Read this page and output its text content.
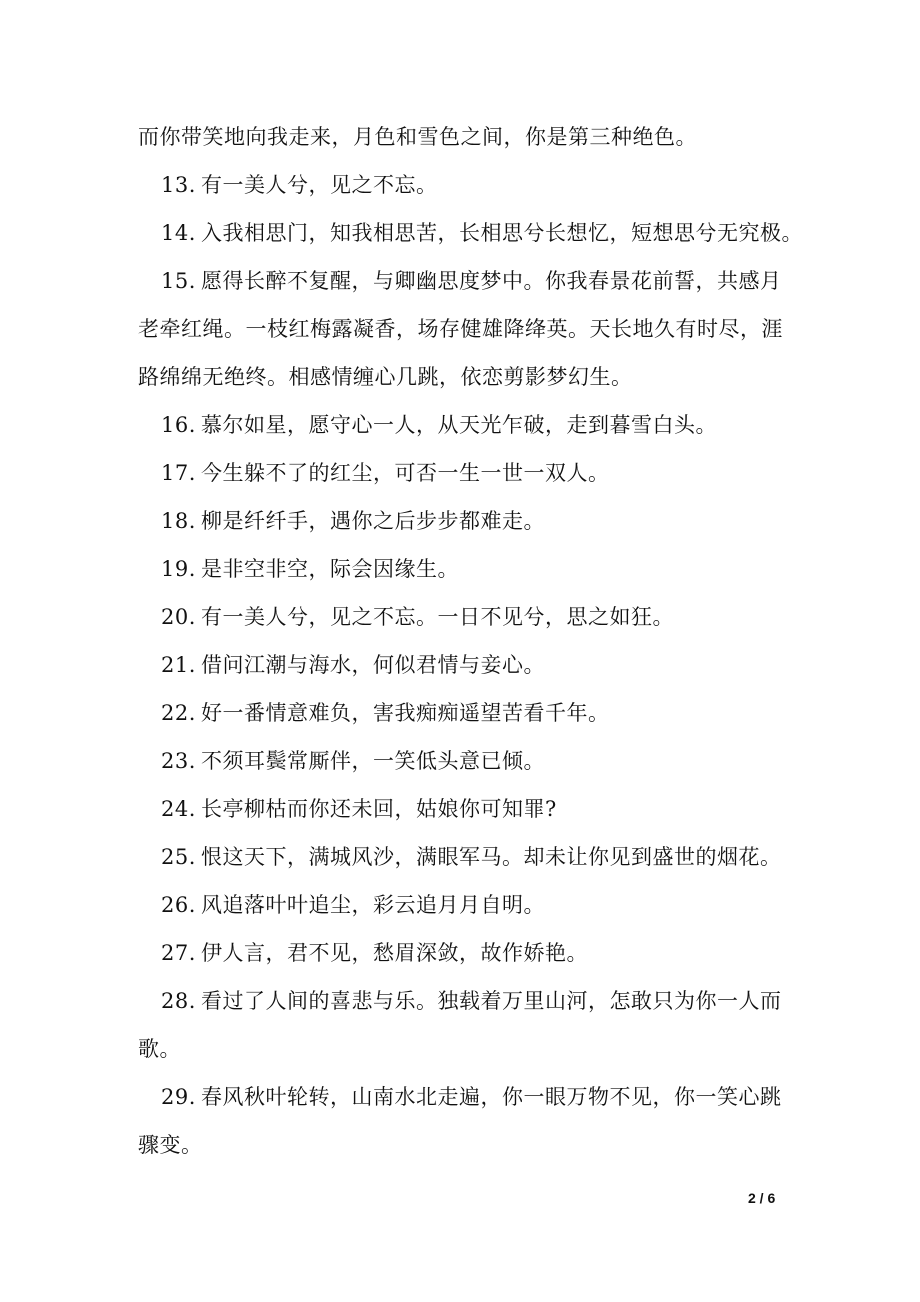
而你带笑地向我走来，月色和雪色之间，你是第三种绝色。
13. 有一美人兮，见之不忘。
14. 入我相思门，知我相思苦，长相思兮长想忆，短想思兮无究极。
15. 愿得长醉不复醒，与卿幽思度梦中。你我春景花前誓，共感月
老牵红绳。一枝红梅露凝香，场存健雄降绛英。天长地久有时尽，涯
路绵绵无绝终。相感情缠心几跳，依恋剪影梦幻生。
16. 慕尔如星，愿守心一人，从天光乍破，走到暮雪白头。
17. 今生躲不了的红尘，可否一生一世一双人。
18. 柳是纤纤手，遇你之后步步都难走。
19. 是非空非空，际会因缘生。
20. 有一美人兮，见之不忘。一日不见兮，思之如狂。
21. 借问江潮与海水，何似君情与妾心。
22. 好一番情意难负，害我痴痴遥望苦看千年。
23. 不须耳鬓常厮伴，一笑低头意已倾。
24. 长亭柳枯而你还未回，姑娘你可知罪?
25. 恨这天下，满城风沙，满眼军马。却未让你见到盛世的烟花。
26. 风追落叶叶追尘，彩云追月月自明。
27. 伊人言，君不见，愁眉深敛，故作娇艳。
28. 看过了人间的喜悲与乐。独载着万里山河，怎敢只为你一人而
歌。
29. 春风秋叶轮转，山南水北走遍，你一眼万物不见，你一笑心跳
骤变。
2 / 6
